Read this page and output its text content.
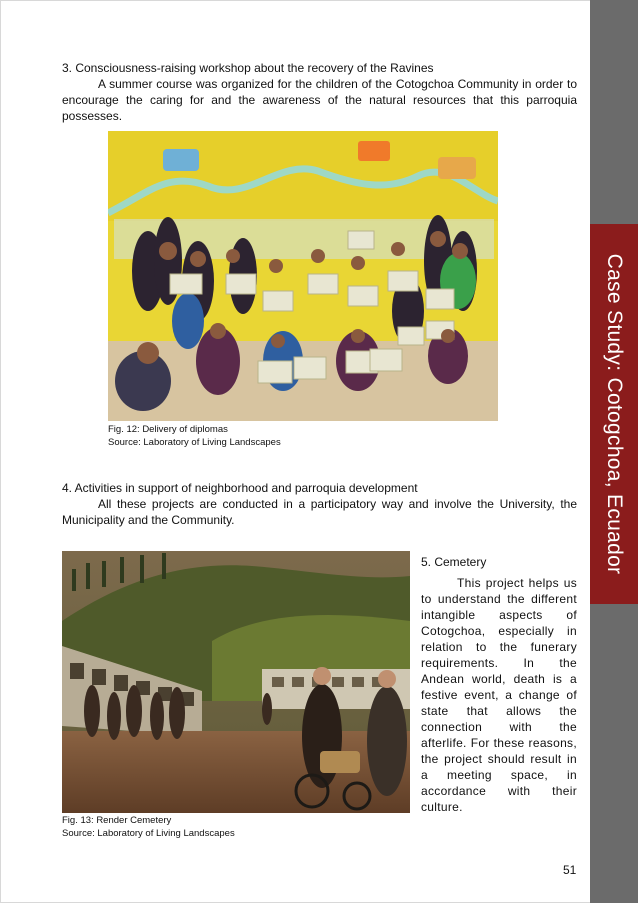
Case Study: Cotogchoa, Ecuador

3. Consciousness-raising workshop about the recovery of the Ravines

A summer course was organized for the children of the Cotogchoa Community in order to encourage the caring for and the awareness of the natural resources that this parroquia possesses.

Fig. 12: Delivery of diplomas

Source: Laboratory of Living Landscapes

4. Activities in support of neighborhood and parroquia development

All these projects are conducted in a participatory way and involve the University, the Municipality and the Community.

Fig. 13: Render Cemetery

Source: Laboratory of Living Landscapes

5. Cemetery

This project helps us to understand the different intangible aspects of Cotogchoa, especially in relation to the funerary requirements. In the Andean world, death is a festive event, a change of state that allows the connection with the afterlife. For these reasons, the project should result in a meeting space, in accordance with their culture.

51
